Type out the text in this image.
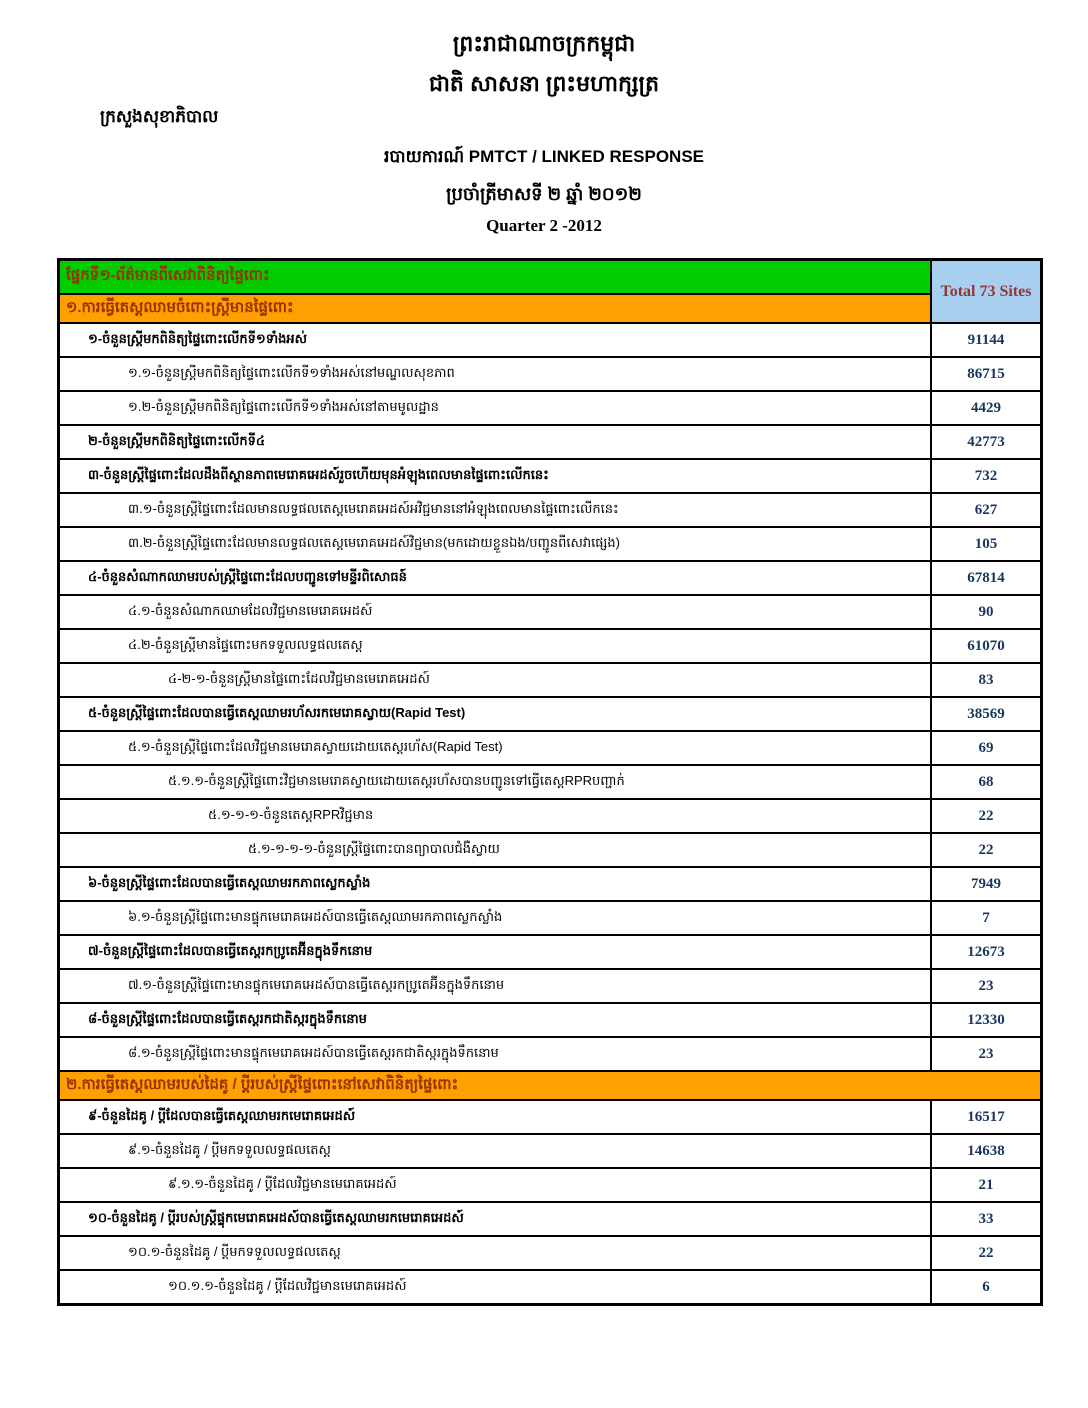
ព្រះរាជាណាចក្រកម្ពុជា
ជាតិ សាសនា ព្រះមហាក្សត្រ
ក្រសួងសុខាភិបាល
របាយការណ៍ PMTCT / LINKED RESPONSE
ប្រចាំត្រីមាសទី ២ ឆ្នាំ ២០១២
Quarter 2 -2012
ផ្នែកទី១-ព័ត៌មានពីសេវាពិនិត្យផ្ទៃពោះ
Total 73 Sites
១.ការធ្វើតេស្តឈាមចំពោះស្ត្រីមានផ្ទៃពោះ
១-ចំនួនស្ត្រីមកពិនិត្យផ្ទៃពោះលើកទី១ទាំងអស់	91144
១.១-ចំនួនស្ត្រីមកពិនិត្យផ្ទៃពោះលើកទី១ទាំងអស់នៅមណ្ឌលសុខភាព	86715
១.២-ចំនួនស្ត្រីមកពិនិត្យផ្ទៃពោះលើកទី១ទាំងអស់នៅតាមមូលដ្ឋាន	4429
២-ចំនួនស្ត្រីមកពិនិត្យផ្ទៃពោះលើកទី៤	42773
៣-ចំនួនស្ត្រីផ្ទៃពោះដែលដឹងពីស្ថានភាពមេរោគអេដស៍រួចហើយមុនអំឡុងពេលមានផ្ទៃពោះលើកនេះ	732
៣.១-ចំនួនស្ត្រីផ្ទៃពោះដែលមានលទ្ធផលតេស្តមេរោគអេដស៍អវិជ្ជមាននៅអំឡុងពេលមានផ្ទៃពោះលើកនេះ	627
៣.២-ចំនួនស្ត្រីផ្ទៃពោះដែលមានលទ្ធផលតេស្តមេរោគអេដស៍វិជ្ជមាន(មកដោយខ្លួនឯង/បញ្ជូនពីសេវាផ្សេង)	105
៤-ចំនួនសំណាកឈាមរបស់ស្ត្រីផ្ទៃពោះដែលបញ្ជូនទៅមន្ទីរពិសោធន៍	67814
៤.១-ចំនួនសំណាកឈាមដែលវិជ្ជមានមេរោគអេដស៍	90
៤.២-ចំនួនស្ត្រីមានផ្ទៃពោះមកទទួលលទ្ធផលតេស្ត	61070
៤-២-១-ចំនួនស្ត្រីមានផ្ទៃពោះដែលវិជ្ជមានមេរោគអេដស៍	83
៥-ចំនួនស្ត្រីផ្ទៃពោះដែលបានធ្វើតេស្តឈាមរហ័សរកមេរោគស្វាយ(Rapid Test)	38569
៥.១-ចំនួនស្ត្រីផ្ទៃពោះដែលវិជ្ជមានមេរោគស្វាយដោយតេស្តរហ័ស(Rapid Test)	69
៥.១.១-ចំនួនស្ត្រីផ្ទៃពោះវិជ្ជមានមេរោគស្វាយដោយតេស្តរហ័សបានបញ្ជូនទៅធ្វើតេស្តRPRបញ្ជាក់	68
៥.១-១-១-ចំនួនតេស្តRPRវិជ្ជមាន	22
៥.១-១-១-១-ចំនួនស្ត្រីផ្ទៃពោះបានព្យាបាលជំងឺស្វាយ	22
៦-ចំនួនស្ត្រីផ្ទៃពោះដែលបានធ្វើតេស្តឈាមរកភាពស្លេកស្លាំង	7949
៦.១-ចំនួនស្ត្រីផ្ទៃពោះមានផ្ទុកមេរោគអេដស៍បានធ្វើតេស្តឈាមរកភាពស្លេកស្លាំង	7
៧-ចំនួនស្ត្រីផ្ទៃពោះដែលបានធ្វើតេស្តរកប្រូតេអ៊ីនក្នុងទឹកនោម	12673
៧.១-ចំនួនស្ត្រីផ្ទៃពោះមានផ្ទុកមេរោគអេដស៍បានធ្វើតេស្តរកប្រូតេអ៊ីនក្នុងទឹកនោម	23
៨-ចំនួនស្ត្រីផ្ទៃពោះដែលបានធ្វើតេស្តរកជាតិស្ករក្នុងទឹកនោម	12330
៨.១-ចំនួនស្ត្រីផ្ទៃពោះមានផ្ទុកមេរោគអេដស៍បានធ្វើតេស្តរកជាតិស្ករក្នុងទឹកនោម	23
២.ការធ្វើតេស្តឈាមរបស់ដៃគូ / ប្តីរបស់ស្ត្រីផ្ទៃពោះនៅសេវាពិនិត្យផ្ទៃពោះ
៩-ចំនួនដៃគូ / ប្តីដែលបានធ្វើតេស្តឈាមរកមេរោគអេដស៍	16517
៩.១-ចំនួនដៃគូ / ប្តីមកទទួលលទ្ធផលតេស្ត	14638
៩.១.១-ចំនួនដៃគូ / ប្តីដែលវិជ្ជមានមេរោគអេដស៍	21
១០-ចំនួនដៃគូ / ប្តីរបស់ស្ត្រីផ្ទុកមេរោគអេដស៍បានធ្វើតេស្តឈាមរកមេរោគអេដស៍	33
១០.១-ចំនួនដៃគូ / ប្តីមកទទួលលទ្ធផលតេស្ត	22
១០.១.១-ចំនួនដៃគូ / ប្តីដែលវិជ្ជមានមេរោគអេដស៍	6
